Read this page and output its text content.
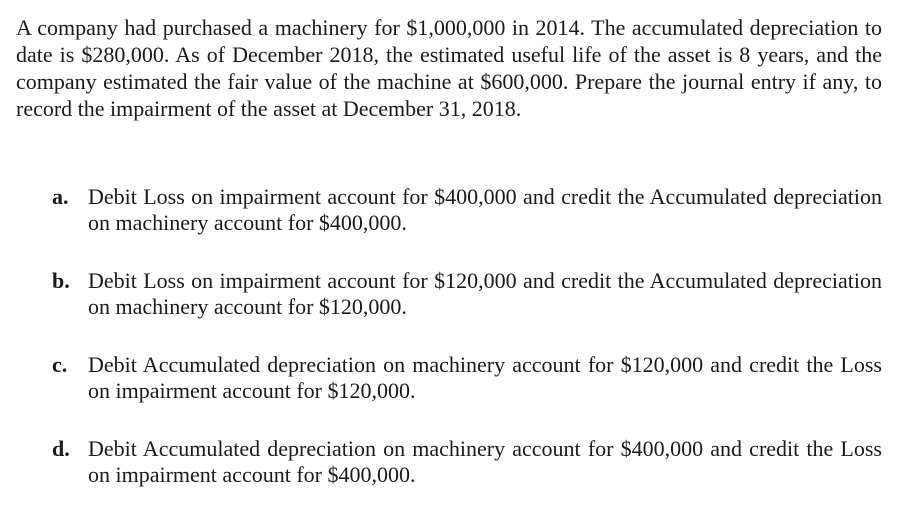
A company had purchased a machinery for $1,000,000 in 2014. The accumulated depreciation to date is $280,000. As of December 2018, the estimated useful life of the asset is 8 years, and the company estimated the fair value of the machine at $600,000. Prepare the journal entry if any, to record the impairment of the asset at December 31, 2018.

a. Debit Loss on impairment account for $400,000 and credit the Accumulated depreciation on machinery account for $400,000.
b. Debit Loss on impairment account for $120,000 and credit the Accumulated depreciation on machinery account for $120,000.
c. Debit Accumulated depreciation on machinery account for $120,000 and credit the Loss on impairment account for $120,000.
d. Debit Accumulated depreciation on machinery account for $400,000 and credit the Loss on impairment account for $400,000.
